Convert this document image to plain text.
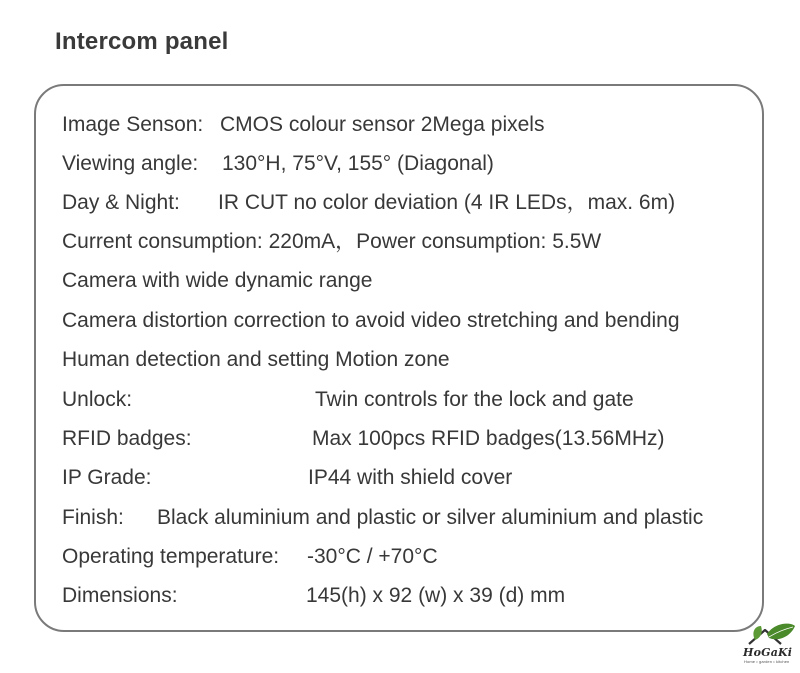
Intercom panel
Image Senson: CMOS colour sensor 2Mega pixels
Viewing angle: 130°H, 75°V, 155° (Diagonal)
Day & Night: IR CUT no color deviation (4 IR LEDs，max. 6m)
Current consumption: 220mA，Power consumption: 5.5W
Camera with wide dynamic range
Camera distortion correction to avoid video stretching and bending
Human detection and setting Motion zone
Unlock:	Twin controls for the lock and gate
RFID badges:	Max 100pcs RFID badges(13.56MHz)
IP Grade:	IP44 with shield cover
Finish: Black aluminium and plastic or silver aluminium and plastic
Operating temperature: -30°C / +70°C
Dimensions:	145(h) x 92 (w) x 39 (d) mm
HoGaKi
Home • garden • kitchen
